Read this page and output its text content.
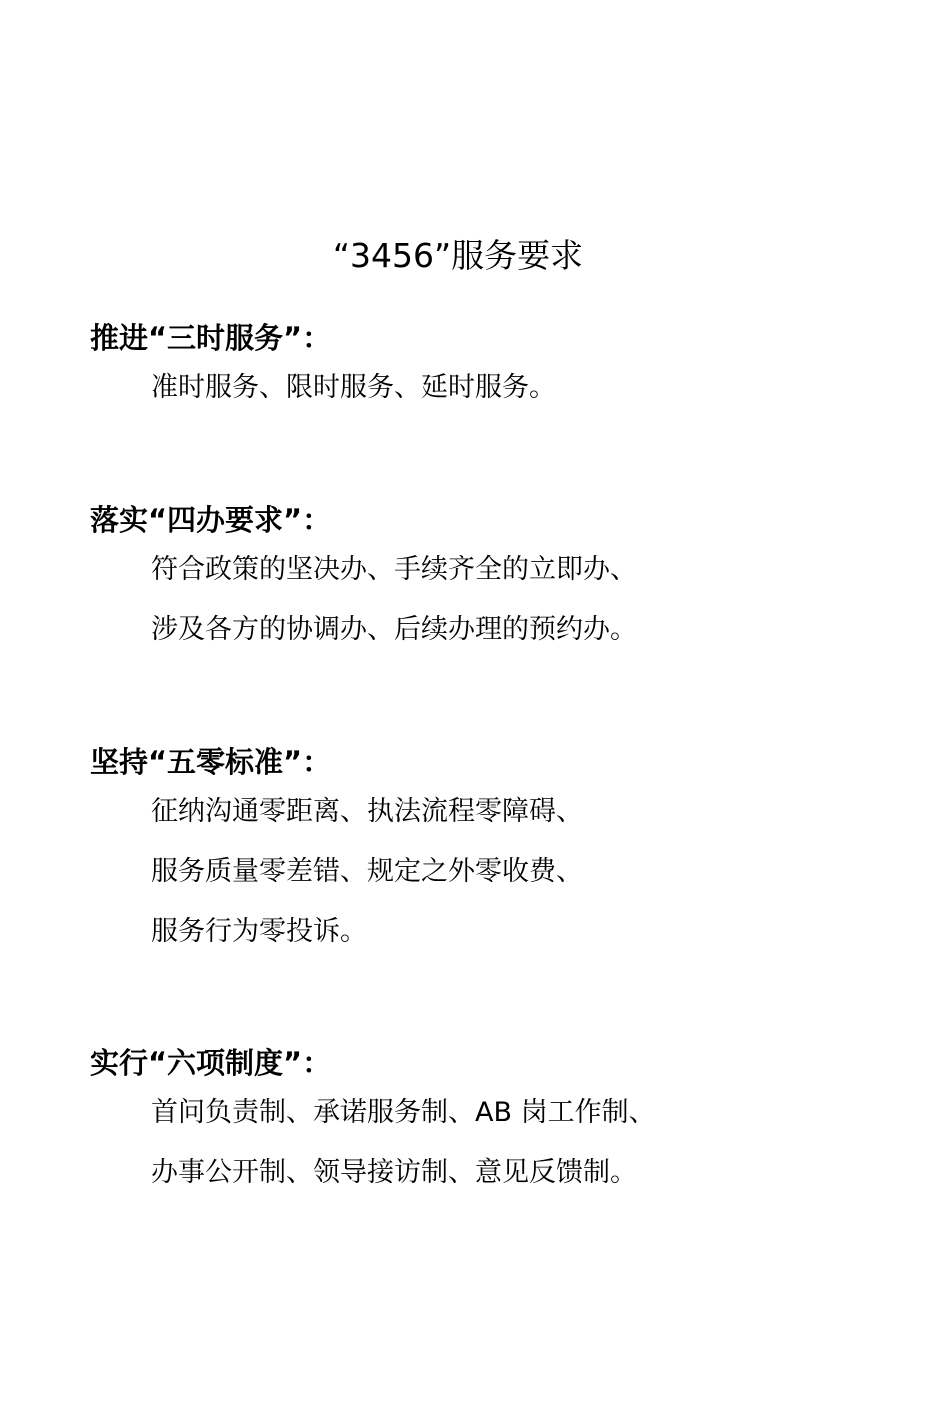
“3456”服务要求
推进“三时服务”：
准时服务、限时服务、延时服务。
落实“四办要求”：
符合政策的坚决办、手续齐全的立即办、
涉及各方的协调办、后续办理的预约办。
坚持“五零标准”：
征纳沟通零距离、执法流程零障碍、
服务质量零差错、规定之外零收费、
服务行为零投诉。
实行“六项制度”：
首问负责制、承诺服务制、AB 岗工作制、
办事公开制、领导接访制、意见反馈制。
